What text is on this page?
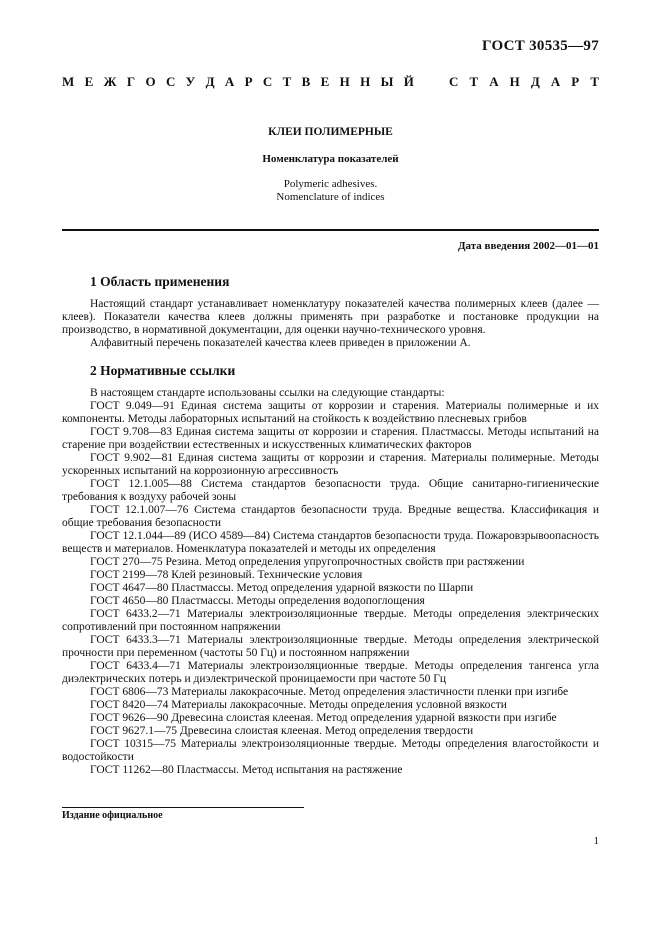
ГОСТ 30535—97
М Е Ж Г О С У Д А Р С Т В Е Н Н Ы Й	С Т А Н Д А Р Т
КЛЕИ ПОЛИМЕРНЫЕ
Номенклатура показателей
Polymeric adhesives.
Nomenclature of indices
Дата введения 2002—01—01
1 Область применения

Настоящий стандарт устанавливает номенклатуру показателей качества полимерных клеев (далее — клеев). Показатели качества клеев должны применять при разработке и постановке продукции на производство, в нормативной документации, для оценки научно-технического уровня.

Алфавитный перечень показателей качества клеев приведен в приложении А.

2 Нормативные ссылки

В настоящем стандарте использованы ссылки на следующие стандарты:

ГОСТ 9.049—91 Единая система защиты от коррозии и старения. Материалы полимерные и их компоненты. Методы лабораторных испытаний на стойкость к воздействию плесневых грибов

ГОСТ 9.708—83 Единая система защиты от коррозии и старения. Пластмассы. Методы испытаний на старение при воздействии естественных и искусственных климатических факторов

ГОСТ 9.902—81 Единая система защиты от коррозии и старения. Материалы полимерные. Методы ускоренных испытаний на коррозионную агрессивность

ГОСТ 12.1.005—88 Система стандартов безопасности труда. Общие санитарно-гигиенические требования к воздуху рабочей зоны

ГОСТ 12.1.007—76 Система стандартов безопасности труда. Вредные вещества. Классификация и общие требования безопасности

ГОСТ 12.1.044—89 (ИСО 4589—84) Система стандартов безопасности труда. Пожаровзрывоопасность веществ и материалов. Номенклатура показателей и методы их определения

ГОСТ 270—75 Резина. Метод определения упругопрочностных свойств при растяжении

ГОСТ 2199—78 Клей резиновый. Технические условия

ГОСТ 4647—80 Пластмассы. Метод определения ударной вязкости по Шарпи

ГОСТ 4650—80 Пластмассы. Методы определения водопоглощения

ГОСТ 6433.2—71 Материалы электроизоляционные твердые. Методы определения электрических сопротивлений при постоянном напряжении

ГОСТ 6433.3—71 Материалы электроизоляционные твердые. Методы определения электрической прочности при переменном (частоты 50 Гц) и постоянном напряжении

ГОСТ 6433.4—71 Материалы электроизоляционные твердые. Методы определения тангенса угла диэлектрических потерь и диэлектрической проницаемости при частоте 50 Гц

ГОСТ 6806—73 Материалы лакокрасочные. Метод определения эластичности пленки при изгибе

ГОСТ 8420—74 Материалы лакокрасочные. Методы определения условной вязкости

ГОСТ 9626—90 Древесина слоистая клееная. Метод определения ударной вязкости при изгибе

ГОСТ 9627.1—75 Древесина слоистая клееная. Метод определения твердости

ГОСТ 10315—75 Материалы электроизоляционные твердые. Методы определения влагостойкости и водостойкости

ГОСТ 11262—80 Пластмассы. Метод испытания на растяжение

Издание официальное
1
